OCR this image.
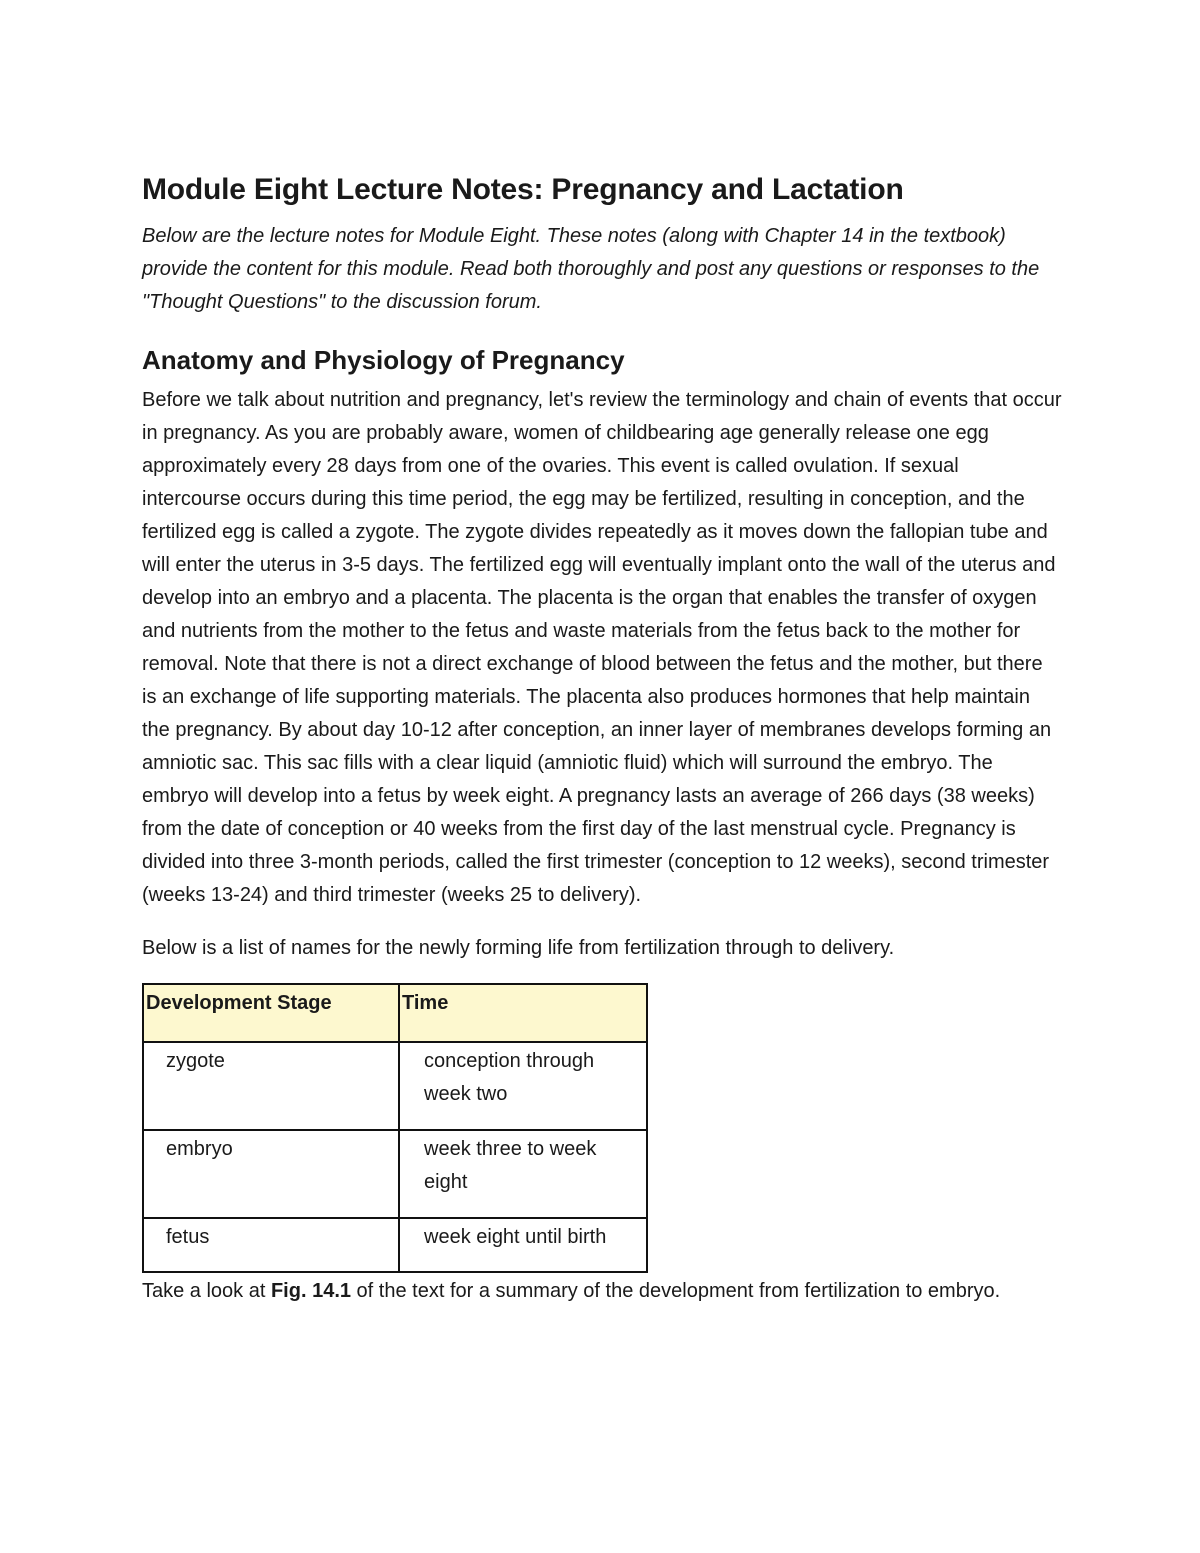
Module Eight Lecture Notes: Pregnancy and Lactation
Below are the lecture notes for Module Eight. These notes (along with Chapter 14 in the textbook) provide the content for this module. Read both thoroughly and post any questions or responses to the "Thought Questions" to the discussion forum.
Anatomy and Physiology of Pregnancy
Before we talk about nutrition and pregnancy, let's review the terminology and chain of events that occur in pregnancy. As you are probably aware, women of childbearing age generally release one egg approximately every 28 days from one of the ovaries. This event is called ovulation. If sexual intercourse occurs during this time period, the egg may be fertilized, resulting in conception, and the fertilized egg is called a zygote. The zygote divides repeatedly as it moves down the fallopian tube and will enter the uterus in 3-5 days. The fertilized egg will eventually implant onto the wall of the uterus and develop into an embryo and a placenta. The placenta is the organ that enables the transfer of oxygen and nutrients from the mother to the fetus and waste materials from the fetus back to the mother for removal. Note that there is not a direct exchange of blood between the fetus and the mother, but there is an exchange of life supporting materials. The placenta also produces hormones that help maintain the pregnancy. By about day 10-12 after conception, an inner layer of membranes develops forming an amniotic sac. This sac fills with a clear liquid (amniotic fluid) which will surround the embryo. The embryo will develop into a fetus by week eight. A pregnancy lasts an average of 266 days (38 weeks) from the date of conception or 40 weeks from the first day of the last menstrual cycle. Pregnancy is divided into three 3-month periods, called the first trimester (conception to 12 weeks), second trimester (weeks 13-24) and third trimester (weeks 25 to delivery).
Below is a list of names for the newly forming life from fertilization through to delivery.
Development Stage	Time
zygote	conception through week two
embryo	week three to week eight
fetus	week eight until birth
Take a look at Fig. 14.1 of the text for a summary of the development from fertilization to embryo.
